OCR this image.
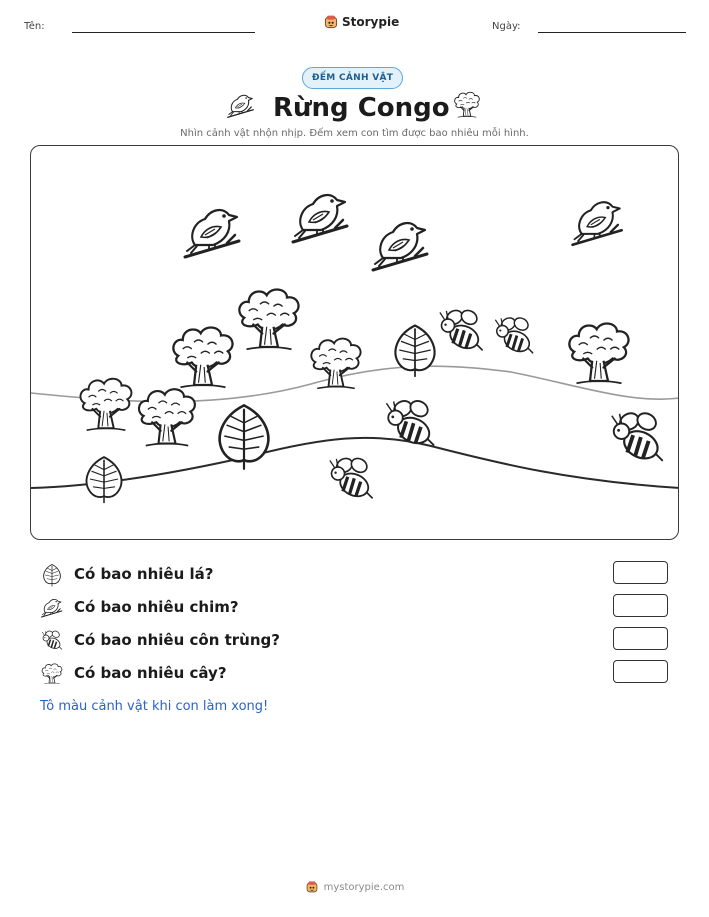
Tên:	Storypie	Ngày:
ĐẾM CẢNH VẬT
Rừng Congo
Nhìn cảnh vật nhộn nhịp. Đếm xem con tìm được bao nhiêu mỗi hình.
Có bao nhiêu lá?
Có bao nhiêu chim?
Có bao nhiêu côn trùng?
Có bao nhiêu cây?
Tô màu cảnh vật khi con làm xong!
mystorypie.com
